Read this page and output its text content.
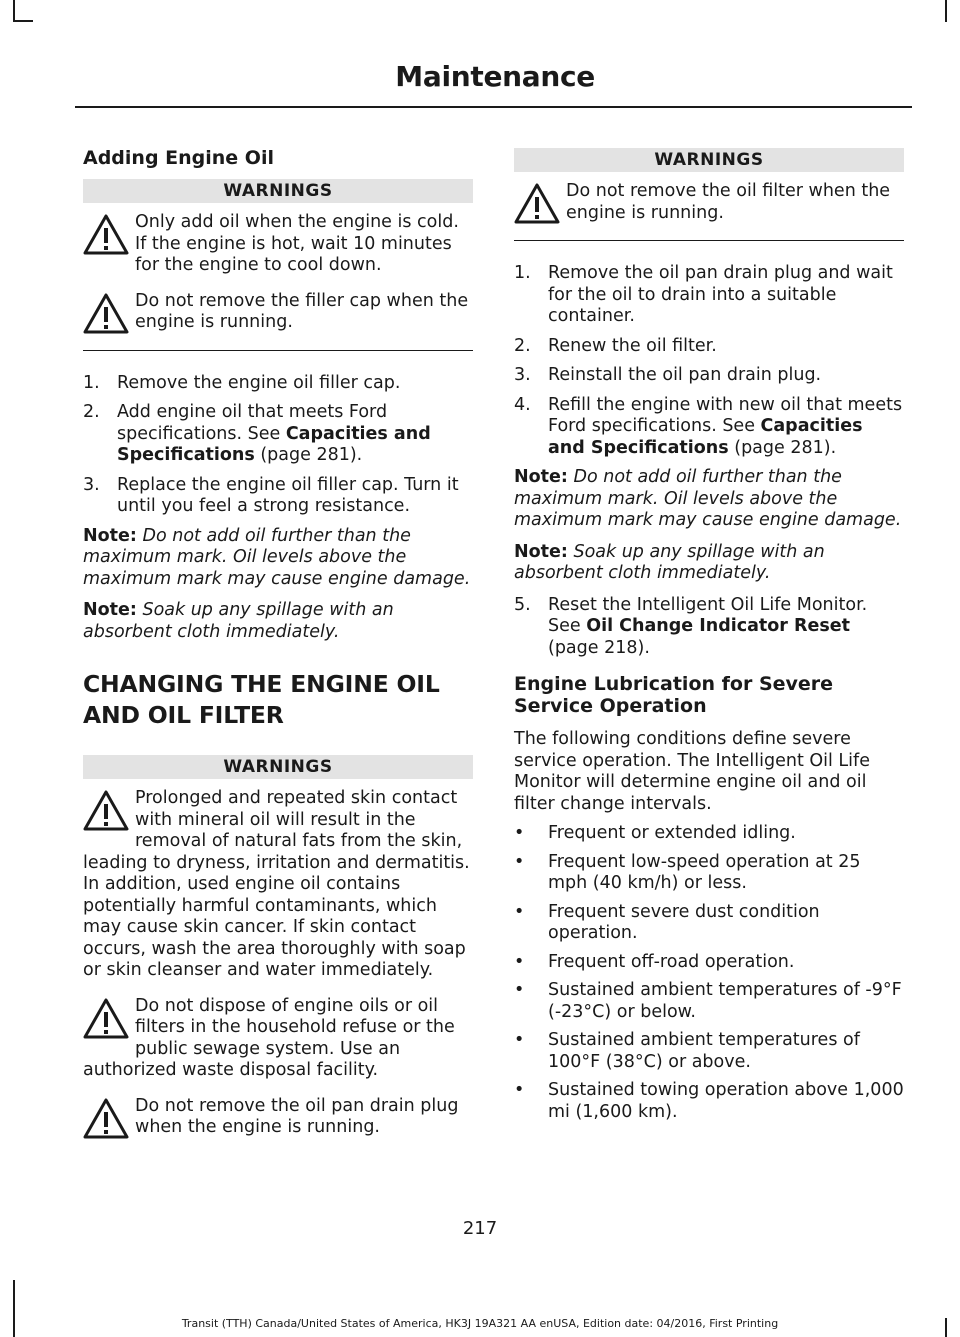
Maintenance
Adding Engine Oil
WARNINGS
Only add oil when the engine is cold. If the engine is hot, wait 10 minutes for the engine to cool down.
Do not remove the filler cap when the engine is running.
1. Remove the engine oil filler cap.
2. Add engine oil that meets Ford specifications. See Capacities and Specifications (page 281).
3. Replace the engine oil filler cap. Turn it until you feel a strong resistance.

Note: Do not add oil further than the maximum mark. Oil levels above the maximum mark may cause engine damage.

Note: Soak up any spillage with an absorbent cloth immediately.

CHANGING THE ENGINE OIL AND OIL FILTER
WARNINGS
Prolonged and repeated skin contact with mineral oil will result in the removal of natural fats from the skin, leading to dryness, irritation and dermatitis. In addition, used engine oil contains potentially harmful contaminants, which may cause skin cancer. If skin contact occurs, wash the area thoroughly with soap or skin cleanser and water immediately.
Do not dispose of engine oils or oil filters in the household refuse or the public sewage system. Use an authorized waste disposal facility.
Do not remove the oil pan drain plug when the engine is running.
WARNINGS
Do not remove the oil filter when the engine is running.
1. Remove the oil pan drain plug and wait for the oil to drain into a suitable container.
2. Renew the oil filter.
3. Reinstall the oil pan drain plug.
4. Refill the engine with new oil that meets Ford specifications. See Capacities and Specifications (page 281).

Note: Do not add oil further than the maximum mark. Oil levels above the maximum mark may cause engine damage.

Note: Soak up any spillage with an absorbent cloth immediately.

5. Reset the Intelligent Oil Life Monitor. See Oil Change Indicator Reset (page 218).
Engine Lubrication for Severe Service Operation

The following conditions define severe service operation. The Intelligent Oil Life Monitor will determine engine oil and oil filter change intervals.

• Frequent or extended idling.
• Frequent low-speed operation at 25 mph (40 km/h) or less.
• Frequent severe dust condition operation.
• Frequent off-road operation.
• Sustained ambient temperatures of -9°F (-23°C) or below.
• Sustained ambient temperatures of 100°F (38°C) or above.
• Sustained towing operation above 1,000 mi (1,600 km).
217
Transit (TTH) Canada/United States of America, HK3J 19A321 AA enUSA, Edition date: 04/2016, First Printing
